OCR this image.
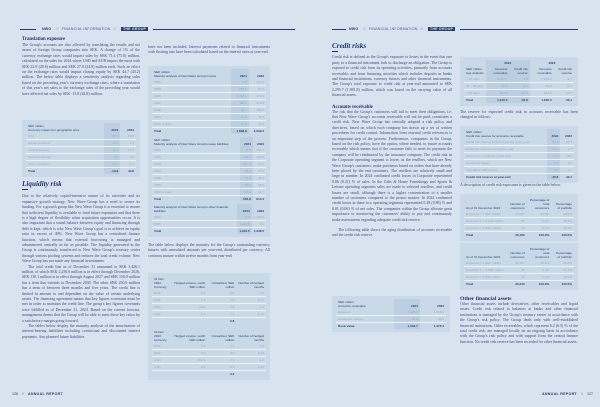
NWG // FINANCIAL INFORMATION //	THE GROUP
Translation exposure

The Group's accounts are also affected by translating the results and net assets of foreign Group companies into SEK. A change of 1% of the currency exchange rates would impact sales by SEK 71.4 (75.0) million, calculated on the sales for 2024 where USD and EUR impact the most with SEK 22.9 (28.6) million and SEK 27.8 (24.9) million each. Such an effect on the exchange rates would impact closing equity by SEK 44.7 (43.2) million. The below table displays a sensitivity analysis regarding sales based on the preceding year's currency exchange rates, where a translation of this year's net sales to the exchange rates of the preceding year would have affected net sales by SEK -13.8 (44.8) million.

SEK million
Currency impact per geographic area	2024	2023
USA	16.7	50.5
Nordic countries	-10.0	1.3
Central Europe	11.3	-14.4
Southern Europe	-5.8	9.6
Other countries	-26.0	-2.2
Total	-13.8	44.8
Liquidity risk

Due to the relatively capital-intensive nature of its activities and its expansive growth strategy, New Wave Group has a need to secure its funding. For a growth group like New Wave Group it is essential to ensure that sufficient liquidity is available to fund future expansion and that there is a high degree of flexibility when acquisition opportunities occur. It is also important that a sound balance between equity and financing through debt is kept, which is why New Wave Group's goal is to achieve an equity ratio in excess of 40%. New Wave Group has a centralised finance function, which means that external borrowing is managed and administered centrally as far as possible. The liquidity generated in the Group is continuously transferred to New Wave Group's treasury center through various pooling systems and reduces the total credit volume. New Wave Group has not made any financial investments.

The total credit line as of December 31 amounted to SEK 3,426.1 million, of which SEK 2,250.0 million is in effect through December 2026, SEK 130.1 million is in effect through August 2027 and SEK 150.0 million has a term that extends to December 2030. The other SEK 250.0 million has a term of between three months and five years. The credit line is limited in amount to and dependent on the value of certain underlying assets. The financing agreement means that key figures covenants must be met in order to maintain the credit line. The group's key figures covenants were fulfilled as of December 31, 2024. Based on the current forecast, management deems that the Group will be able to meet these key ratios by a satisfactory margin going forward.

The tables below display the maturity analysis of the amortization of interest-bearing liabilities including contractual and discounted interest payments. Any planned future liabilities

have not been included. Interest payments related to financial instruments with floating rate have been calculated based on the interest rates at year-end.

SEK million
Maturity analysis of New Wave Group's loans	2024	2023
2024	0.0	317.5
2025	315.5	17.5
2026	1,363.1	373.2
2027	118.5	473.5
2028	16.7	286.2
2029	12.5	11.9
2030 or later	12.5	11.9
Total	1,838.8	2,032.3
SEK million
Maturity analysis of New Wave Group's lease liabilities	2024	2023
2024	0.0	150.1
2025	146.2	116.6
2026	117.0	87.9
2027	88.9	77.5
2028	72.8	66.1
2029	55.0	44.5
2030 or later	174.9	61.7
Total	654.8	614.4
Maturity analysis of New Wave Group's other financial liabilities	2024	2023
2024	0.0	1,343.5
2025	1,242.5	5.0
Total	1,242.5	1,348.5

The table below displays the maturity for the Group's outstanding currency futures with unrealized amounts per year-end, distributed per currency. All contracts mature within twelve months from year-end.

31 Dec 2024
Currency	Hedged volume, worth SEK million	Unrealized, SEK million	Number of hedged months
EUR	-9.2	-0.5	1-6
EUR	1.3	0.0	4-12
USD	28.6	3.6	1-6
USD	5.1	1.1	4-12
		3.8	
31 Dec 2023
Currency	Hedged volume, worth SEK million	Unrealized, SEK million	Number of hedged months
EUR	4.2	0.1	1-6
EUR	0.0	0.0	4-12
USD	-181.9	-4.1	1-6
USD	0.0	-0.2	4-12
		-4.2	
126 // ANNUAL REPORT
NWG // FINANCIAL INFORMATION //	THE GROUP
Credit risks

Credit risk is defined as the Group's exposure to losses in the event that one party to a financial instrument fails to discharge an obligation. The Group is exposed to credit risk from its operating activities, primarily from accounts receivable, and from financing activities which includes deposits in banks and financial institutions, currency futures and other financial instruments. The Group's total exposure to credit risk at year-end amounted to SEK 2,295.7 (1,981.8) million, which was based on the carrying value of all financial assets.

Accounts receivable

The risk that the Group's customers will fail to meet their obligations, i.e. that New Wave Group's accounts receivable will not be paid, constitutes a credit risk. New Wave Group has centrally adopted a risk policy and directives, based on which each company has drawn up a set of written procedures for credit control. Information from external credit references is an important step of the process. Furthermore, companies in the Group, based on the risk policy, have the option, where needed, to insure accounts receivable which means that if the customer fails to meet its payment the company will be reimbursed by the insurance company. The credit risk in the Corporate operating segment is lower, as the resellers, which are New Wave Group's customers, make purchases based on orders that have already been placed by the end customers. The resellers are relatively small and large in number. In 2024 confirmed credit losses in Corporate represented 0.06 (0.21) % of sales. In the Gifts & Home Furnishings and Sports & Leisure operating segments sales are made to selected resellers, and credit losses are small, although there is a higher concentration to a smaller number of customers compared to the promo market. In 2024 confirmed credit losses in these two operating segments represented 0.28 (0.88) % and 0.01 (0.06) % of net sales. The companies within the Group allocate great importance to monitoring the customers' ability to pay and continuously make assessments regarding adequate credit risk reserve.

The following table shows the aging distribution of accounts receivable and the credit risk reserve.

SEK million
Accounts receivable	2024	2023
Exposure	1,440.3	1,518.5
Credit risk reserve	-45.8	-43.1
Book value	1,394.7	1,475.4
	2024		2023	
SEK million
Age analysis	Accounts receivable	Credit risk reserve	Accounts receivable	Credit risk reserve
< 30 days	1,089.7	-4.0	1,275.9	-2.7
31 – 90 days	85.8	-0.9	69.9	-0.1
> 90 days	264.8	-40.9	182.6	-40.3
Total	1,440.3	-45.8	1,528.4	-43.1

The reserve for expected credit risk in accounts receivable has been changed as follows:

SEK million
Credit risk reserve for accounts receivable	2024	2023
Credit risk reserve at the beginning of the year	-43.1	-38.3
Reversed reserves during the year	10.9	7.7
Reserve for expected credit risks	-24.3	-16.6
Confirmed losses	11.2	4.0
Translation differences	-0.5	0.1
Credit risk reserve at year-end	-45.8	-43.1

A description of credit risk exposures is given in the table below.

As of 31 December 2024	Number of customers	Percentage of total customers	Percentage of portfolio
Exposure < 1 SEK million	20,007	99.5%	48.5%
Exposure 1 – 5 SEK million	81	0.4%	22.3%
Exposure > 5 SEK million	18	0.1%	29.2%
Total	20,106	100.0%	100.0%
As of 31 December 2023	Number of customers	Percentage of total customers	Percentage of portfolio
Exposure < 1 SEK million	20,107	99.6%	49.8%
Exposure 1 – 5 SEK million	81	0.3%	21.5%
Exposure > 5 SEK million	22	0.1%	28.7%
Total	20,210	100.0%	100.0%
Other financial assets

Other financial assets include derivatives, other receivables and liquid assets. Credit risk related to balances at banks and other financial institutions is managed by the Group's treasury center in accordance with the Group's risk policy. The Group deals only with well-established financial institutions. Other receivables, which represent 6.2 (6.5) % of the total credit risk, are managed locally on an ongoing basis in accordance with the Group's risk policy and with support from the central finance function. No credit risk reserve has been recorded for other financial assets.

ANNUAL REPORT // 127
